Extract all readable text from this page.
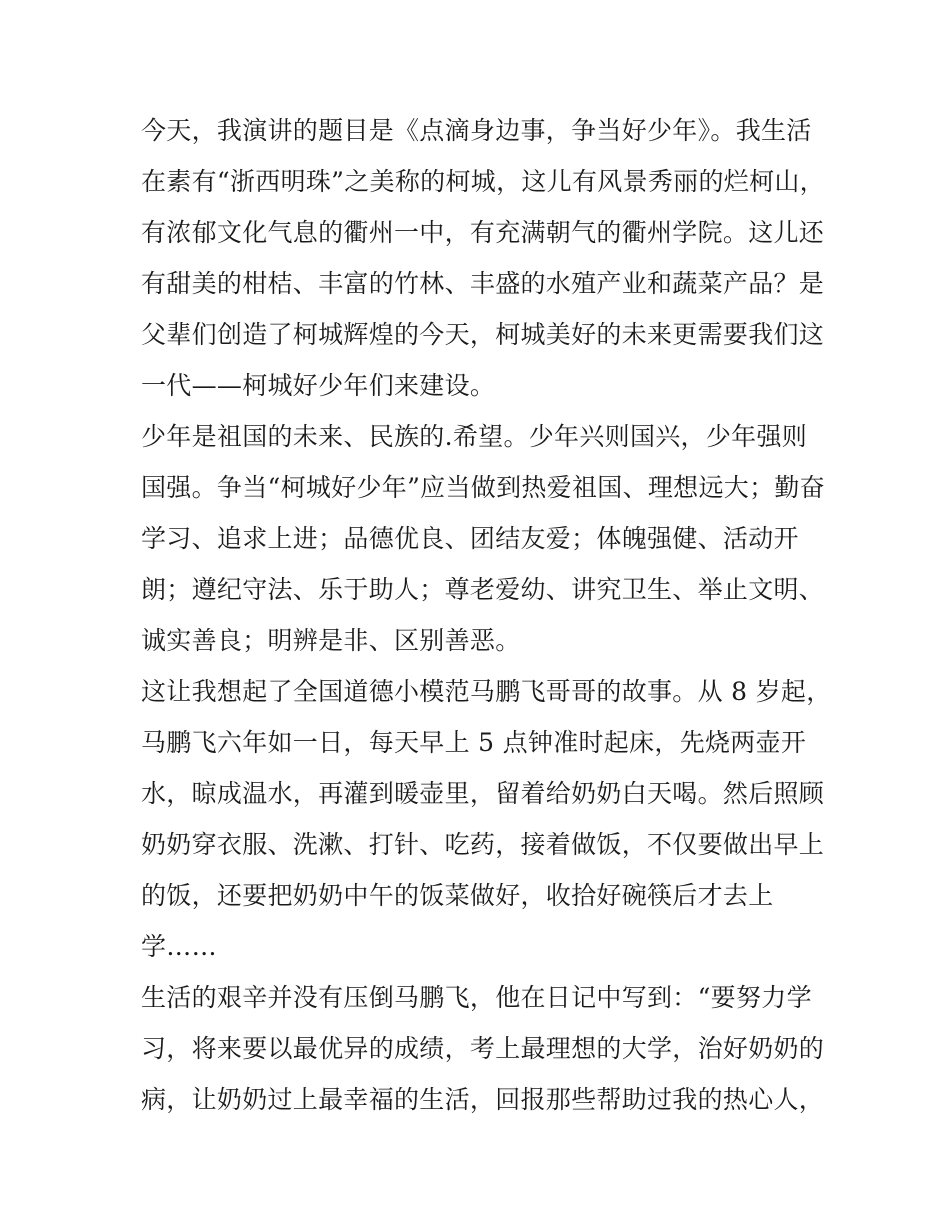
今天，我演讲的题目是《点滴身边事，争当好少年》。我生活
在素有“浙西明珠”之美称的柯城，这儿有风景秀丽的烂柯山，
有浓郁文化气息的衢州一中，有充满朝气的衢州学院。这儿还
有甜美的柑桔、丰富的竹林、丰盛的水殖产业和蔬菜产品？是
父辈们创造了柯城辉煌的今天，柯城美好的未来更需要我们这
一代——柯城好少年们来建设。
少年是祖国的未来、民族的.希望。少年兴则国兴，少年强则
国强。争当“柯城好少年”应当做到热爱祖国、理想远大；勤奋
学习、追求上进；品德优良、团结友爱；体魄强健、活动开
朗；遵纪守法、乐于助人；尊老爱幼、讲究卫生、举止文明、
诚实善良；明辨是非、区别善恶。
这让我想起了全国道德小模范马鹏飞哥哥的故事。从 8 岁起，
马鹏飞六年如一日，每天早上 5 点钟准时起床，先烧两壶开
水，晾成温水，再灌到暖壶里，留着给奶奶白天喝。然后照顾
奶奶穿衣服、洗漱、打针、吃药，接着做饭，不仅要做出早上
的饭，还要把奶奶中午的饭菜做好，收拾好碗筷后才去上
学……
生活的艰辛并没有压倒马鹏飞，他在日记中写到：“要努力学
习，将来要以最优异的成绩，考上最理想的大学，治好奶奶的
病，让奶奶过上最幸福的生活，回报那些帮助过我的热心人，
